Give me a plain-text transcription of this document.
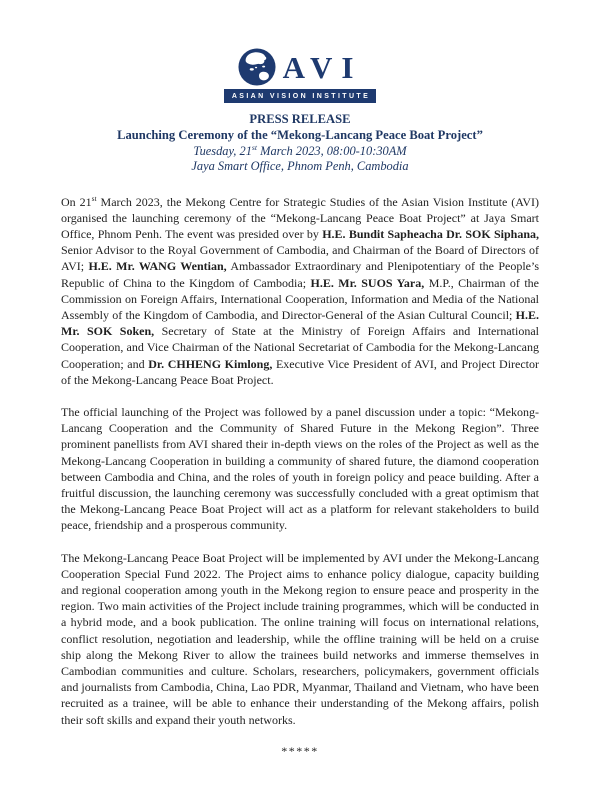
AVI
ASIAN VISION INSTITUTE
PRESS RELEASE
Launching Ceremony of the “Mekong-Lancang Peace Boat Project”

Tuesday, 21st March 2023, 08:00-10:30AM

Jaya Smart Office, Phnom Penh, Cambodia

On 21st March 2023, the Mekong Centre for Strategic Studies of the Asian Vision Institute (AVI) organised the launching ceremony of the “Mekong-Lancang Peace Boat Project” at Jaya Smart Office, Phnom Penh. The event was presided over by H.E. Bundit Sapheacha Dr. SOK Siphana, Senior Advisor to the Royal Government of Cambodia, and Chairman of the Board of Directors of AVI; H.E. Mr. WANG Wentian, Ambassador Extraordinary and Plenipotentiary of the People’s Republic of China to the Kingdom of Cambodia; H.E. Mr. SUOS Yara, M.P., Chairman of the Commission on Foreign Affairs, International Cooperation, Information and Media of the National Assembly of the Kingdom of Cambodia, and Director-General of the Asian Cultural Council; H.E. Mr. SOK Soken, Secretary of State at the Ministry of Foreign Affairs and International Cooperation, and Vice Chairman of the National Secretariat of Cambodia for the Mekong-Lancang Cooperation; and Dr. CHHENG Kimlong, Executive Vice President of AVI, and Project Director of the Mekong-Lancang Peace Boat Project.

The official launching of the Project was followed by a panel discussion under a topic: “Mekong-Lancang Cooperation and the Community of Shared Future in the Mekong Region”. Three prominent panellists from AVI shared their in-depth views on the roles of the Project as well as the Mekong-Lancang Cooperation in building a community of shared future, the diamond cooperation between Cambodia and China, and the roles of youth in foreign policy and peace building. After a fruitful discussion, the launching ceremony was successfully concluded with a great optimism that the Mekong-Lancang Peace Boat Project will act as a platform for relevant stakeholders to build peace, friendship and a prosperous community.

The Mekong-Lancang Peace Boat Project will be implemented by AVI under the Mekong-Lancang Cooperation Special Fund 2022. The Project aims to enhance policy dialogue, capacity building and regional cooperation among youth in the Mekong region to ensure peace and prosperity in the region. Two main activities of the Project include training programmes, which will be conducted in a hybrid mode, and a book publication. The online training will focus on international relations, conflict resolution, negotiation and leadership, while the offline training will be held on a cruise ship along the Mekong River to allow the trainees build networks and immerse themselves in Cambodian communities and culture. Scholars, researchers, policymakers, government officials and journalists from Cambodia, China, Lao PDR, Myanmar, Thailand and Vietnam, who have been recruited as a trainee, will be able to enhance their understanding of the Mekong affairs, polish their soft skills and expand their youth networks.

*****
